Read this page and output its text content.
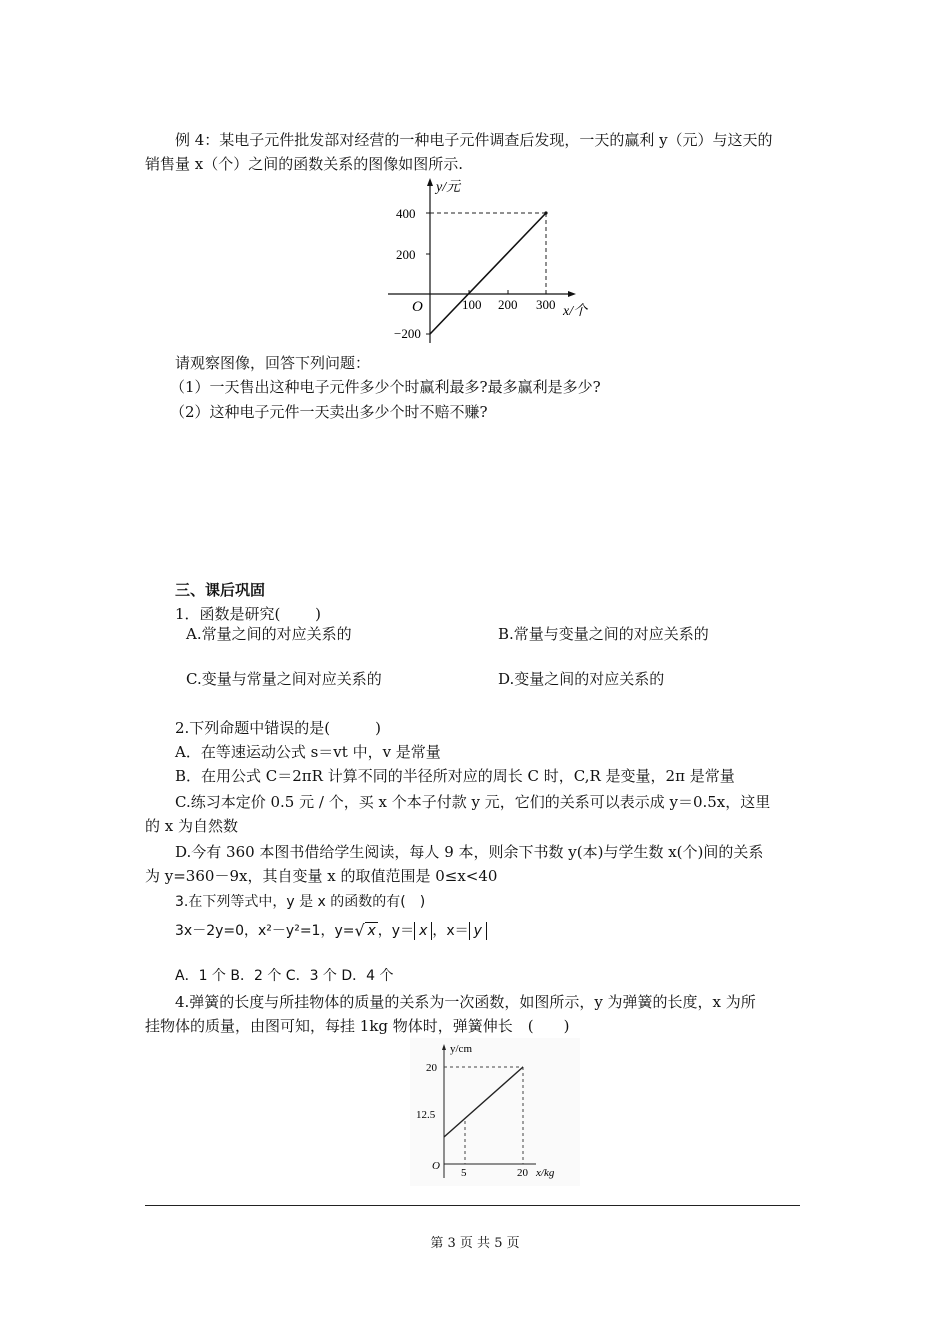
例 4：某电子元件批发部对经营的一种电子元件调查后发现，一天的赢利 y（元）与这天的
销售量 x（个）之间的函数关系的图像如图所示.
y/元
400
200
−200
O	100 200 300 x/个
请观察图像，回答下列问题：
（1）一天售出这种电子元件多少个时赢利最多?最多赢利是多少?
（2）这种电子元件一天卖出多少个时不赔不赚?
三、课后巩固
1．函数是研究(　　 )
A.常量之间的对应关系的	B.常量与变量之间的对应关系的
C.变量与常量之间对应关系的	D.变量之间的对应关系的
2.下列命题中错误的是(　　　)
A．在等速运动公式 s＝vt 中，v 是常量
B．在用公式 C＝2πR 计算不同的半径所对应的周长 C 时，C,R 是变量，2π 是常量
C.练习本定价 0.5 元 / 个，买 x 个本子付款 y 元，它们的关系可以表示成 y＝0.5x，这里
的 x 为自然数
D.今有 360 本图书借给学生阅读，每人 9 本，则余下书数 y(本)与学生数 x(个)间的关系
为 y=360－9x，其自变量 x 的取值范围是 0≤x<40
3.在下列等式中，y 是 x 的函数的有(　)
3x－2y=0，x²－y²=1，y= √ x ，y＝ x ，x＝ y
A．1 个 B．2 个 C．3 个 D．4 个
4.弹簧的长度与所挂物体的质量的关系为一次函数，如图所示，y 为弹簧的长度，x 为所
挂物体的质量，由图可知，每挂 1kg 物体时，弹簧伸长　(　　)
y/cm
20
12.5
O
5	20 x/kg
第 3 页 共 5 页
